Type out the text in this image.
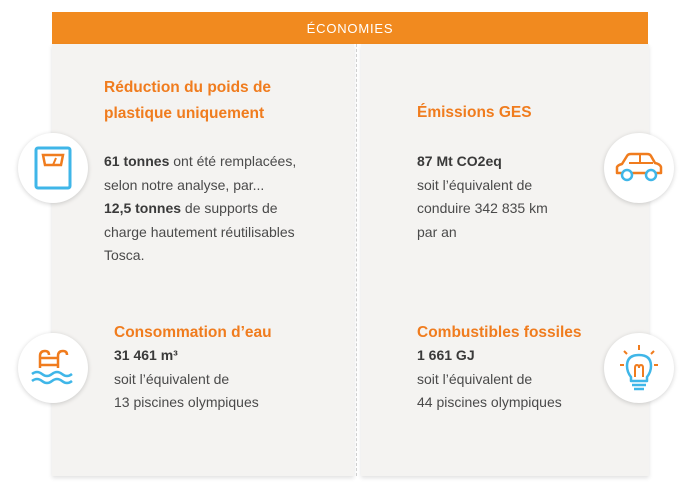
ÉCONOMIES
Réduction du poids de
plastique uniquement
61 tonnes ont été remplacées,
selon notre analyse, par...
12,5 tonnes de supports de
charge hautement réutilisables
Tosca.
Émissions GES
87 Mt CO2eq
soit l’équivalent de
conduire 342 835 km
par an
Consommation d’eau
31 461 m³
soit l’équivalent de
13 piscines olympiques
Combustibles fossiles
1 661 GJ
soit l’équivalent de
44 piscines olympiques
